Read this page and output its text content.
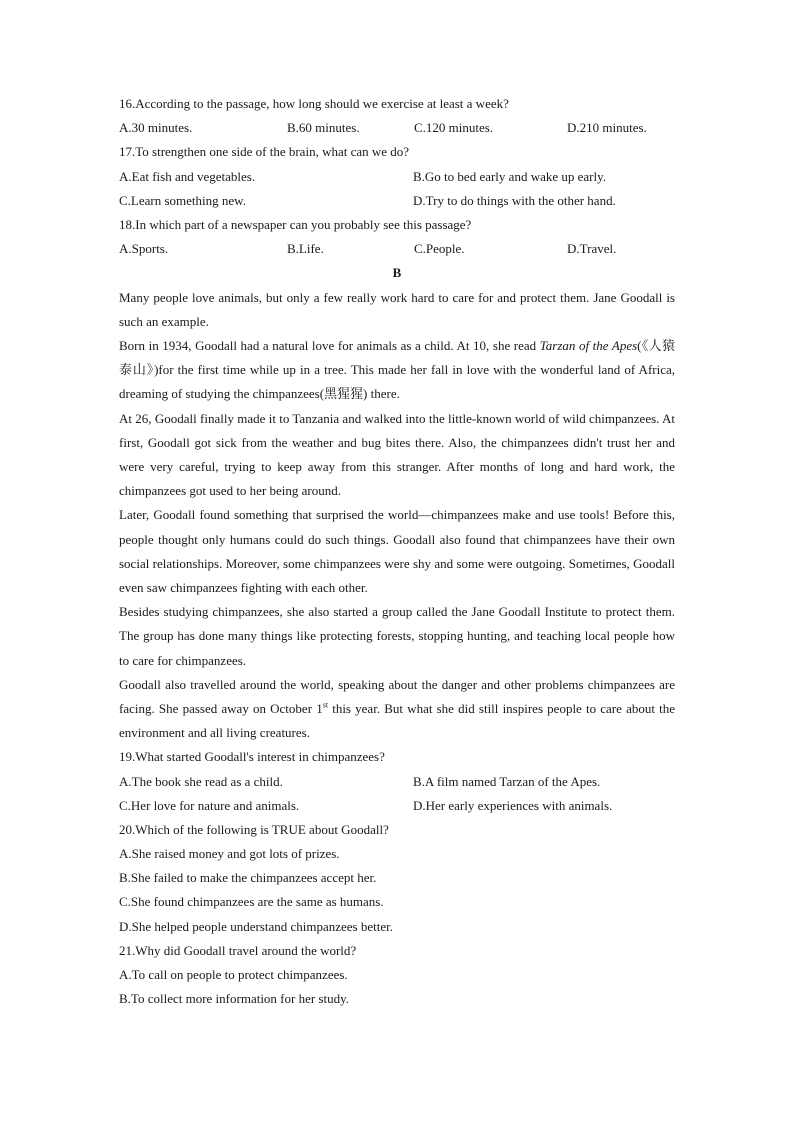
16.According to the passage, how long should we exercise at least a week?
A.30 minutes.	B.60 minutes.	C.120 minutes.	D.210 minutes.
17.To strengthen one side of the brain, what can we do?
A.Eat fish and vegetables.	B.Go to bed early and wake up early.
C.Learn something new.	D.Try to do things with the other hand.
18.In which part of a newspaper can you probably see this passage?
A.Sports.	B.Life.	C.People.	D.Travel.
B

Many people love animals, but only a few really work hard to care for and protect them. Jane Goodall is such an example.

Born in 1934, Goodall had a natural love for animals as a child. At 10, she read Tarzan of the Apes(《人猿泰山》)for the first time while up in a tree. This made her fall in love with the wonderful land of Africa, dreaming of studying the chimpanzees(黑猩猩) there.

At 26, Goodall finally made it to Tanzania and walked into the little-known world of wild chimpanzees. At first, Goodall got sick from the weather and bug bites there. Also, the chimpanzees didn't trust her and were very careful, trying to keep away from this stranger. After months of long and hard work, the chimpanzees got used to her being around.

Later, Goodall found something that surprised the world—chimpanzees make and use tools! Before this, people thought only humans could do such things. Goodall also found that chimpanzees have their own social relationships. Moreover, some chimpanzees were shy and some were outgoing. Sometimes, Goodall even saw chimpanzees fighting with each other.

Besides studying chimpanzees, she also started a group called the Jane Goodall Institute to protect them. The group has done many things like protecting forests, stopping hunting, and teaching local people how to care for chimpanzees.

Goodall also travelled around the world, speaking about the danger and other problems chimpanzees are facing. She passed away on October 1st this year. But what she did still inspires people to care about the environment and all living creatures.

19.What started Goodall's interest in chimpanzees?
A.The book she read as a child.	B.A film named Tarzan of the Apes.
C.Her love for nature and animals.	D.Her early experiences with animals.
20.Which of the following is TRUE about Goodall?
A.She raised money and got lots of prizes.
B.She failed to make the chimpanzees accept her.
C.She found chimpanzees are the same as humans.
D.She helped people understand chimpanzees better.
21.Why did Goodall travel around the world?
A.To call on people to protect chimpanzees.
B.To collect more information for her study.
